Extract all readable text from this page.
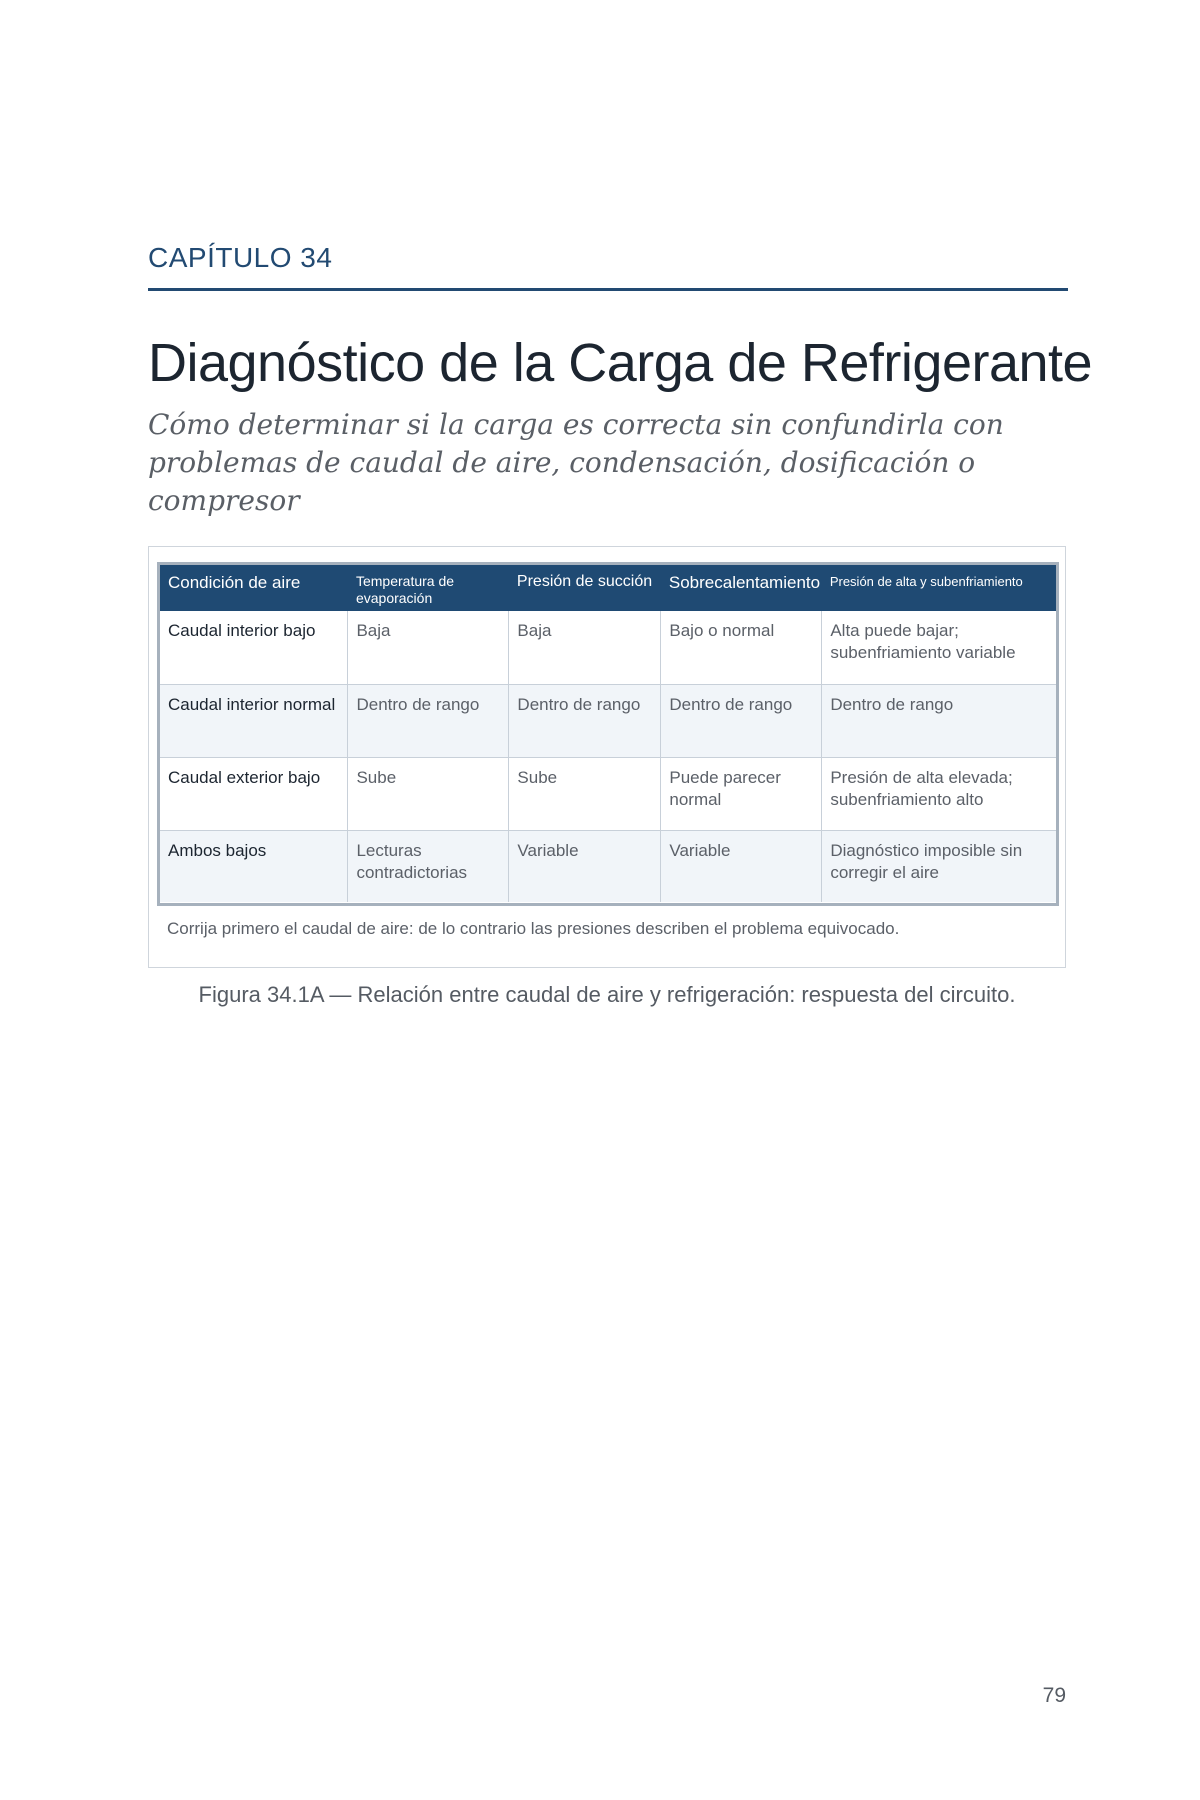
CAPÍTULO 34
Diagnóstico de la Carga de Refrigerante
Cómo determinar si la carga es correcta sin confundirla con problemas de caudal de aire, condensación, dosificación o compresor
Condición de aire	Temperatura de evaporación	Presión de succión	Sobrecalentamiento	Presión de alta y subenfriamiento
Caudal interior bajo	Baja	Baja	Bajo o normal	Alta puede bajar; subenfriamiento variable
Caudal interior normal	Dentro de rango	Dentro de rango	Dentro de rango	Dentro de rango
Caudal exterior bajo	Sube	Sube	Puede parecer normal	Presión de alta elevada; subenfriamiento alto
Ambos bajos	Lecturas contradictorias	Variable	Variable	Diagnóstico imposible sin corregir el aire
Corrija primero el caudal de aire: de lo contrario las presiones describen el problema equivocado.
Figura 34.1A — Relación entre caudal de aire y refrigeración: respuesta del circuito.
79
